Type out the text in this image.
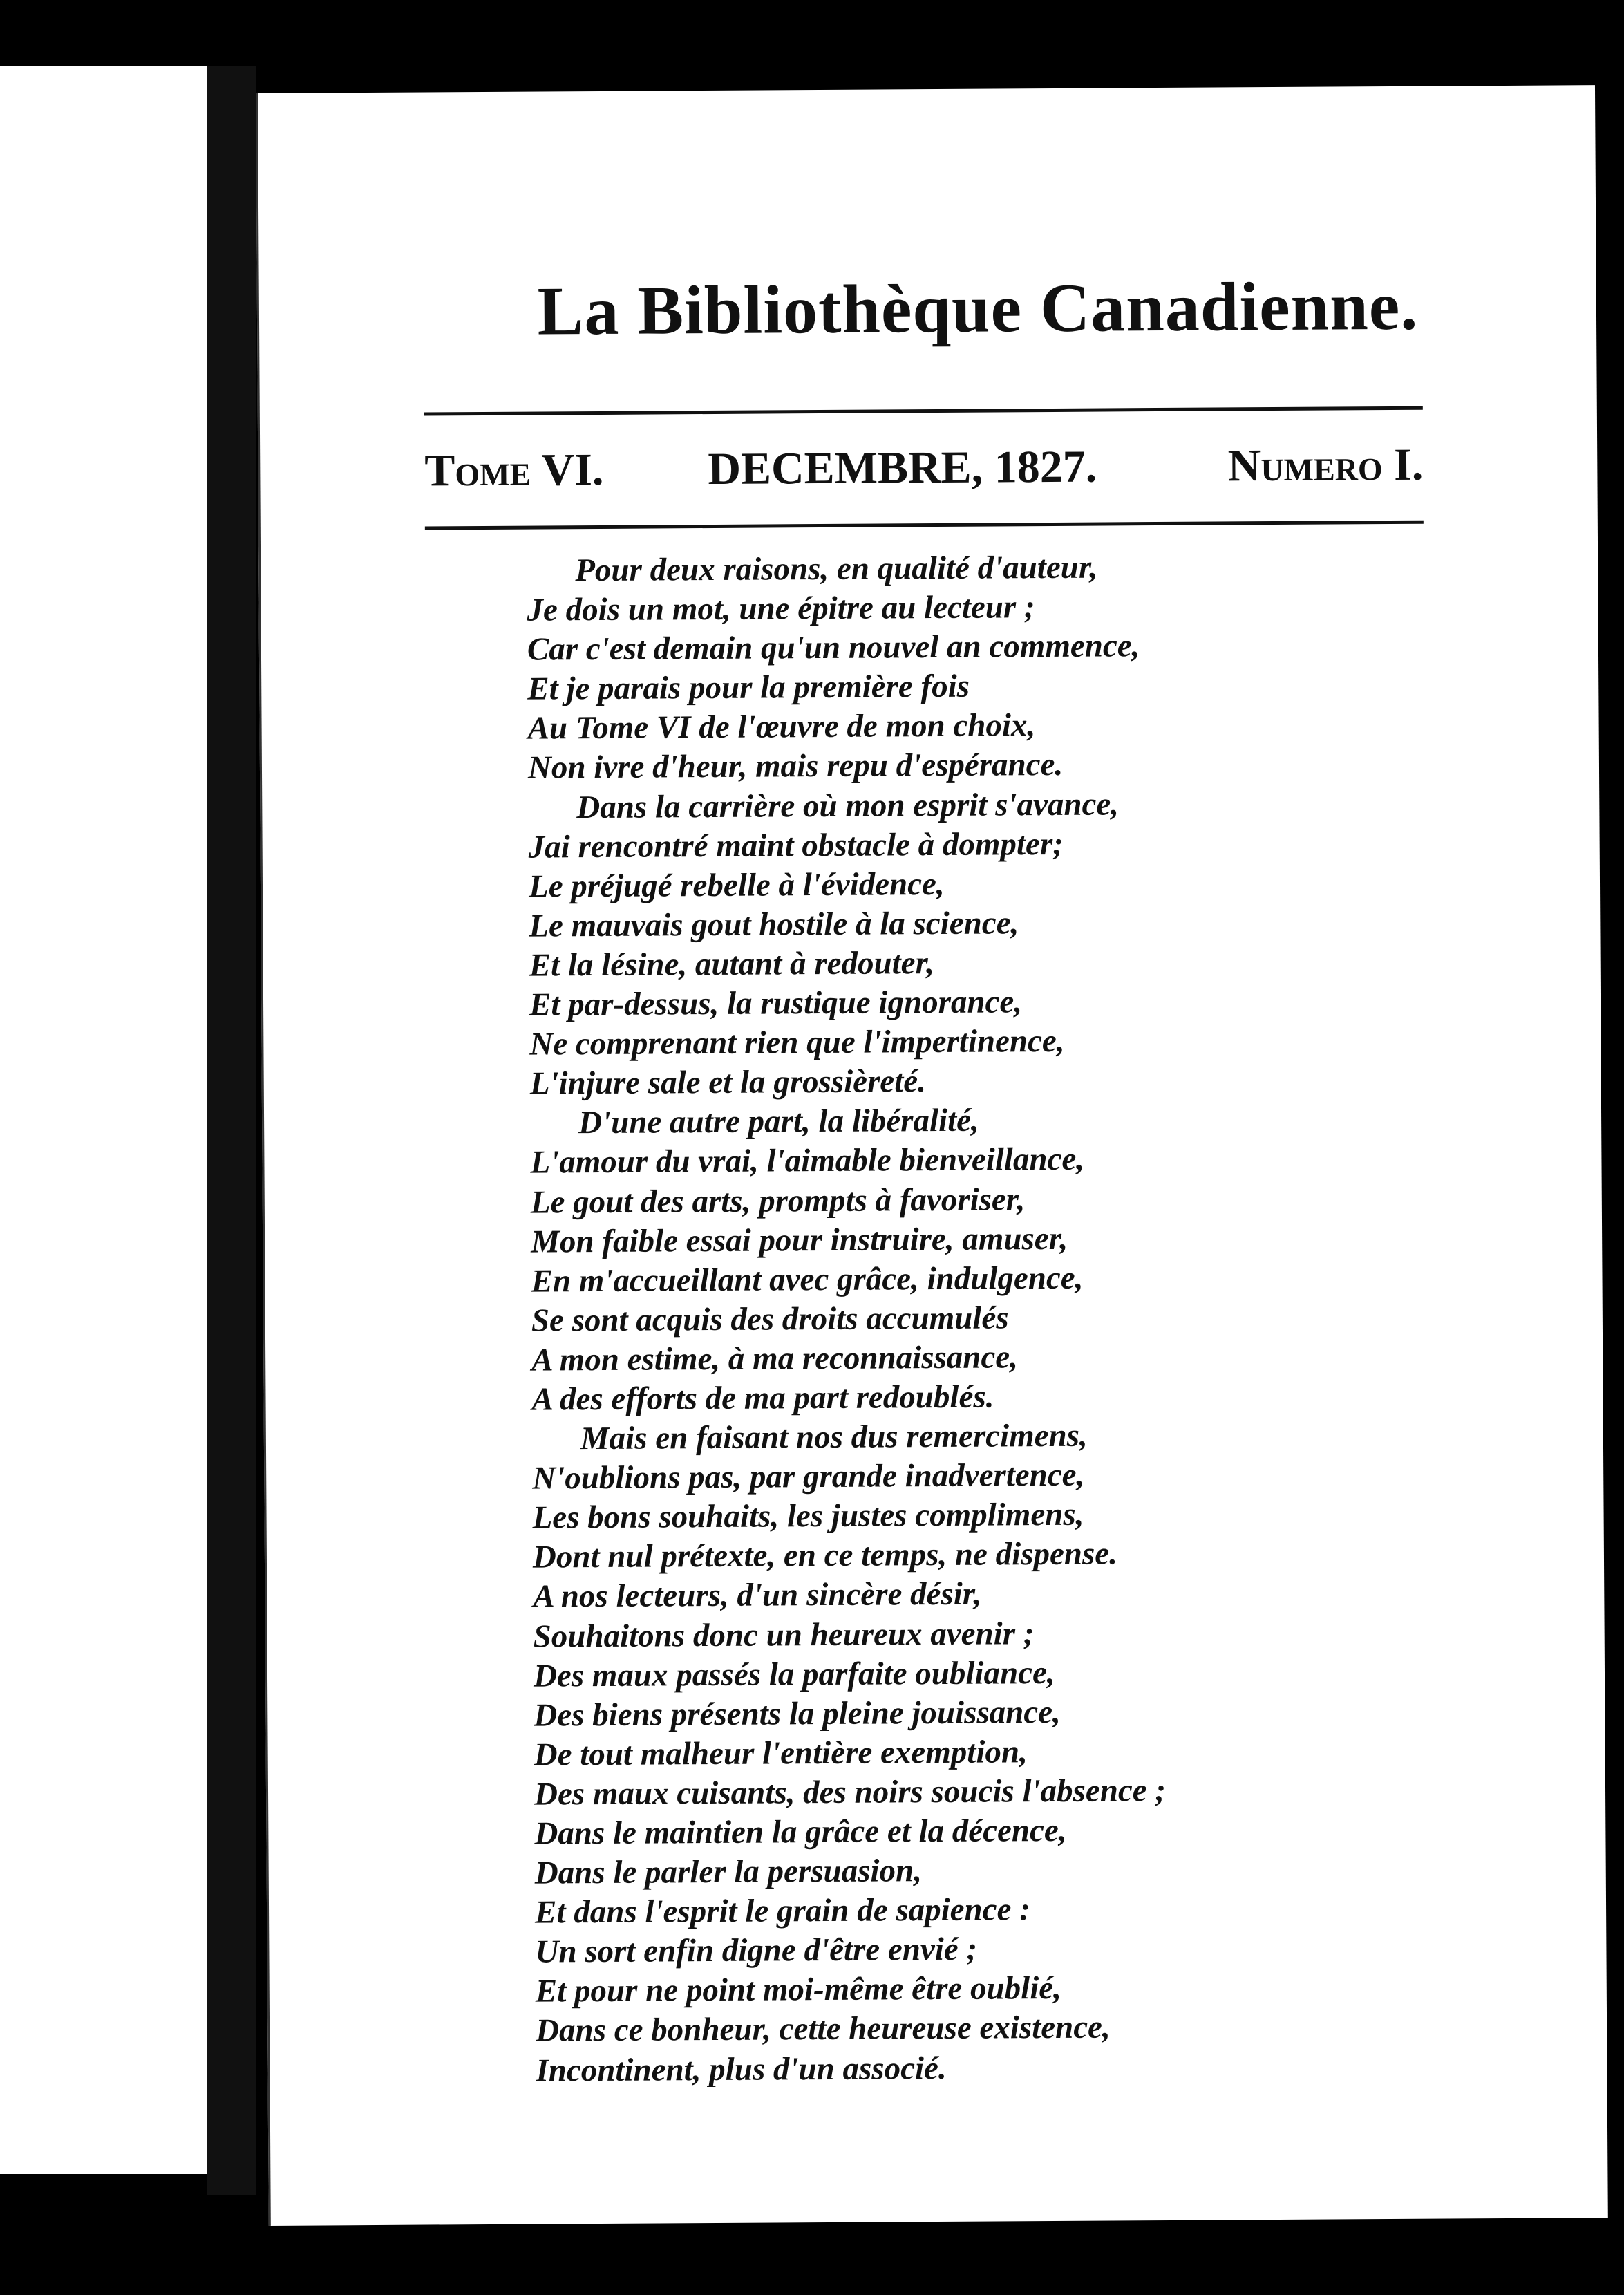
La Bibliothèque Canadienne.
Tome VI. DECEMBRE, 1827.	Numero I.
Pour deux raisons, en qualité d'auteur,
Je dois un mot, une épitre au lecteur ;
Car c'est demain qu'un nouvel an commence,
Et je parais pour la première fois
Au Tome VI de l'œuvre de mon choix,
Non ivre d'heur, mais repu d'espérance.
Dans la carrière où mon esprit s'avance,
Jai rencontré maint obstacle à dompter;
Le préjugé rebelle à l'évidence,
Le mauvais gout hostile à la science,
Et la lésine, autant à redouter,
Et par-dessus, la rustique ignorance,
Ne comprenant rien que l'impertinence,
L'injure sale et la grossièreté.
D'une autre part, la libéralité,
L'amour du vrai, l'aimable bienveillance,
Le gout des arts, prompts à favoriser,
Mon faible essai pour instruire, amuser,
En m'accueillant avec grâce, indulgence,
Se sont acquis des droits accumulés
A mon estime, à ma reconnaissance,
A des efforts de ma part redoublés.
Mais en faisant nos dus remercimens,
N'oublions pas, par grande inadvertence,
Les bons souhaits, les justes complimens,
Dont nul prétexte, en ce temps, ne dispense.
A nos lecteurs, d'un sincère désir,
Souhaitons donc un heureux avenir ;
Des maux passés la parfaite oubliance,
Des biens présents la pleine jouissance,
De tout malheur l'entière exemption,
Des maux cuisants, des noirs soucis l'absence ;
Dans le maintien la grâce et la décence,
Dans le parler la persuasion,
Et dans l'esprit le grain de sapience :
Un sort enfin digne d'être envié ;
Et pour ne point moi-même être oublié,
Dans ce bonheur, cette heureuse existence,
Incontinent, plus d'un associé.
